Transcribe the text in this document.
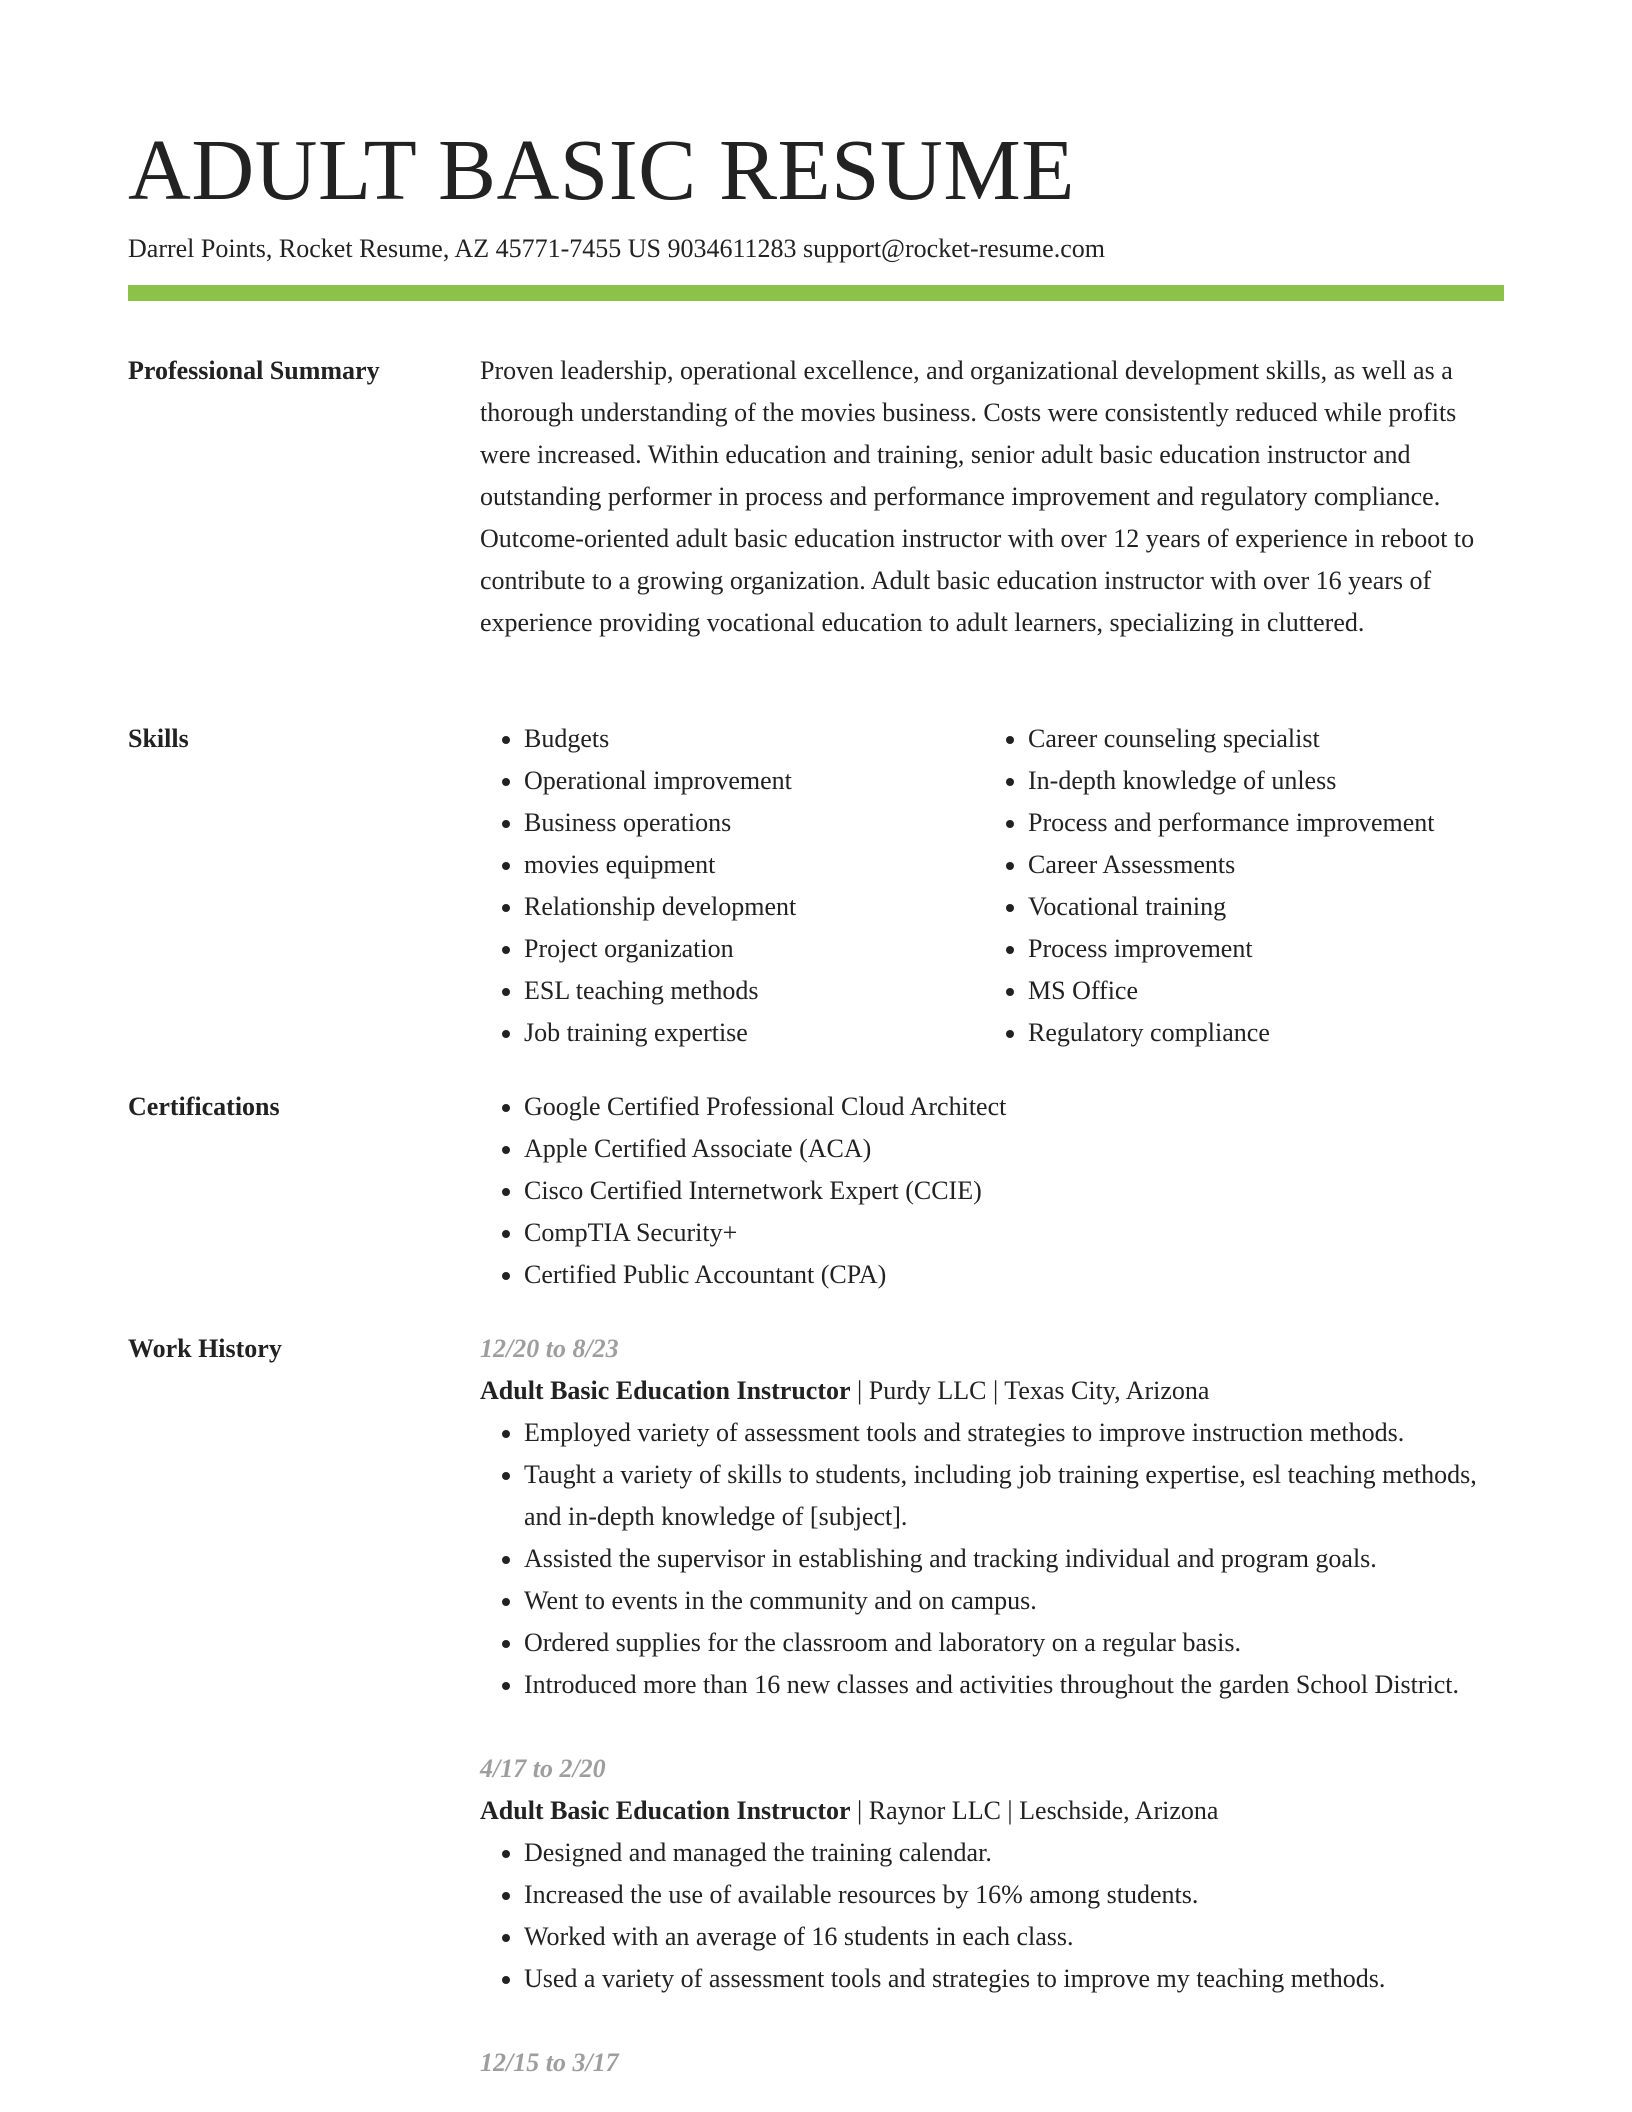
ADULT BASIC RESUME
Darrel Points, Rocket Resume, AZ 45771-7455 US 9034611283 support@rocket-resume.com
Professional Summary	Proven leadership, operational excellence, and organizational development skills, as well as a thorough understanding of the movies business. Costs were consistently reduced while profits were increased. Within education and training, senior adult basic education instructor and outstanding performer in process and performance improvement and regulatory compliance. Outcome-oriented adult basic education instructor with over 12 years of experience in reboot to contribute to a growing organization. Adult basic education instructor with over 16 years of experience providing vocational education to adult learners, specializing in cluttered.

Skills	• Budgets
• Operational improvement
• Business operations
• movies equipment
• Relationship development
• Project organization
• ESL teaching methods
• Job training expertise
• Career counseling specialist
• In-depth knowledge of unless
• Process and performance improvement
• Career Assessments
• Vocational training
• Process improvement
• MS Office
• Regulatory compliance
Certifications	• Google Certified Professional Cloud Architect
• Apple Certified Associate (ACA)
• Cisco Certified Internetwork Expert (CCIE)
• CompTIA Security+
• Certified Public Accountant (CPA)
Work History	12/20 to 8/23
Adult Basic Education Instructor | Purdy LLC | Texas City, Arizona
• Employed variety of assessment tools and strategies to improve instruction methods.
• Taught a variety of skills to students, including job training expertise, esl teaching methods, and in-depth knowledge of [subject].
• Assisted the supervisor in establishing and tracking individual and program goals.
• Went to events in the community and on campus.
• Ordered supplies for the classroom and laboratory on a regular basis.
• Introduced more than 16 new classes and activities throughout the garden School District.
4/17 to 2/20
Adult Basic Education Instructor | Raynor LLC | Leschside, Arizona
• Designed and managed the training calendar.
• Increased the use of available resources by 16% among students.
• Worked with an average of 16 students in each class.
• Used a variety of assessment tools and strategies to improve my teaching methods.
12/15 to 3/17
